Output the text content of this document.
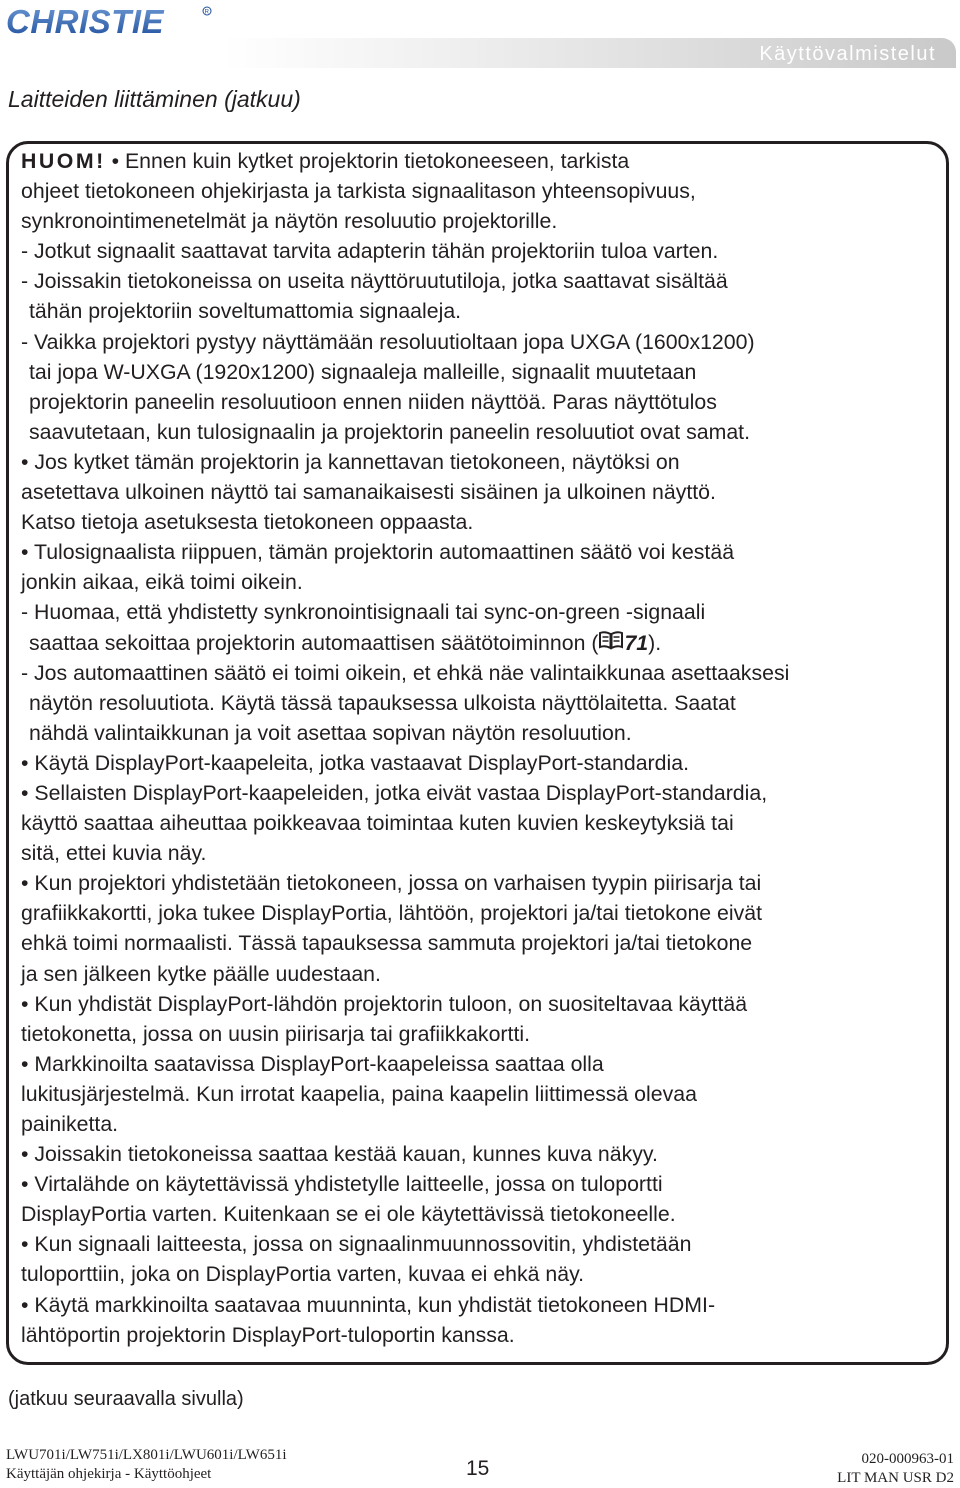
CHRISTIE	R
Käyttövalmistelut
Laitteiden liittäminen (jatkuu)

HUOM! • Ennen kuin kytket projektorin tietokoneeseen, tarkista

ohjeet tietokoneen ohjekirjasta ja tarkista signaalitason yhteensopivuus,

synkronointimenetelmät ja näytön resoluutio projektorille.

- Jotkut signaalit saattavat tarvita adapterin tähän projektoriin tuloa varten.

- Joissakin tietokoneissa on useita näyttöruututiloja, jotka saattavat sisältää

tähän projektoriin soveltumattomia signaaleja.

- Vaikka projektori pystyy näyttämään resoluutioltaan jopa UXGA (1600x1200)

tai jopa W-UXGA (1920x1200) signaaleja malleille, signaalit muutetaan

projektorin paneelin resoluutioon ennen niiden näyttöä. Paras näyttötulos

saavutetaan, kun tulosignaalin ja projektorin paneelin resoluutiot ovat samat.

• Jos kytket tämän projektorin ja kannettavan tietokoneen, näytöksi on

asetettava ulkoinen näyttö tai samanaikaisesti sisäinen ja ulkoinen näyttö.

Katso tietoja asetuksesta tietokoneen oppaasta.

• Tulosignaalista riippuen, tämän projektorin automaattinen säätö voi kestää

jonkin aikaa, eikä toimi oikein.

- Huomaa, että yhdistetty synkronointisignaali tai sync-on-green -signaali

saattaa sekoittaa projektorin automaattisen säätötoiminnon ( 71 ).

- Jos automaattinen säätö ei toimi oikein, et ehkä näe valintaikkunaa asettaaksesi

näytön resoluutiota. Käytä tässä tapauksessa ulkoista näyttölaitetta. Saatat

nähdä valintaikkunan ja voit asettaa sopivan näytön resoluution.

• Käytä DisplayPort-kaapeleita, jotka vastaavat DisplayPort-standardia.

• Sellaisten DisplayPort-kaapeleiden, jotka eivät vastaa DisplayPort-standardia,

käyttö saattaa aiheuttaa poikkeavaa toimintaa kuten kuvien keskeytyksiä tai

sitä, ettei kuvia näy.

• Kun projektori yhdistetään tietokoneen, jossa on varhaisen tyypin piirisarja tai

grafiikkakortti, joka tukee DisplayPortia, lähtöön, projektori ja/tai tietokone eivät

ehkä toimi normaalisti. Tässä tapauksessa sammuta projektori ja/tai tietokone

ja sen jälkeen kytke päälle uudestaan.

• Kun yhdistät DisplayPort-lähdön projektorin tuloon, on suositeltavaa käyttää

tietokonetta, jossa on uusin piirisarja tai grafiikkakortti.

• Markkinoilta saatavissa DisplayPort-kaapeleissa saattaa olla

lukitusjärjestelmä. Kun irrotat kaapelia, paina kaapelin liittimessä olevaa

painiketta.

• Joissakin tietokoneissa saattaa kestää kauan, kunnes kuva näkyy.

• Virtalähde on käytettävissä yhdistetylle laitteelle, jossa on tuloportti

DisplayPortia varten. Kuitenkaan se ei ole käytettävissä tietokoneelle.

• Kun signaali laitteesta, jossa on signaalinmuunnossovitin, yhdistetään

tuloporttiin, joka on DisplayPortia varten, kuvaa ei ehkä näy.

• Käytä markkinoilta saatavaa muunninta, kun yhdistät tietokoneen HDMI-

lähtöportin projektorin DisplayPort-tuloportin kanssa.

(jatkuu seuraavalla sivulla)
LWU701i/LW751i/LX801i/LWU601i/LW651i
Käyttäjän ohjekirja - Käyttöohjeet	15	020-000963-01
LIT MAN USR D2
